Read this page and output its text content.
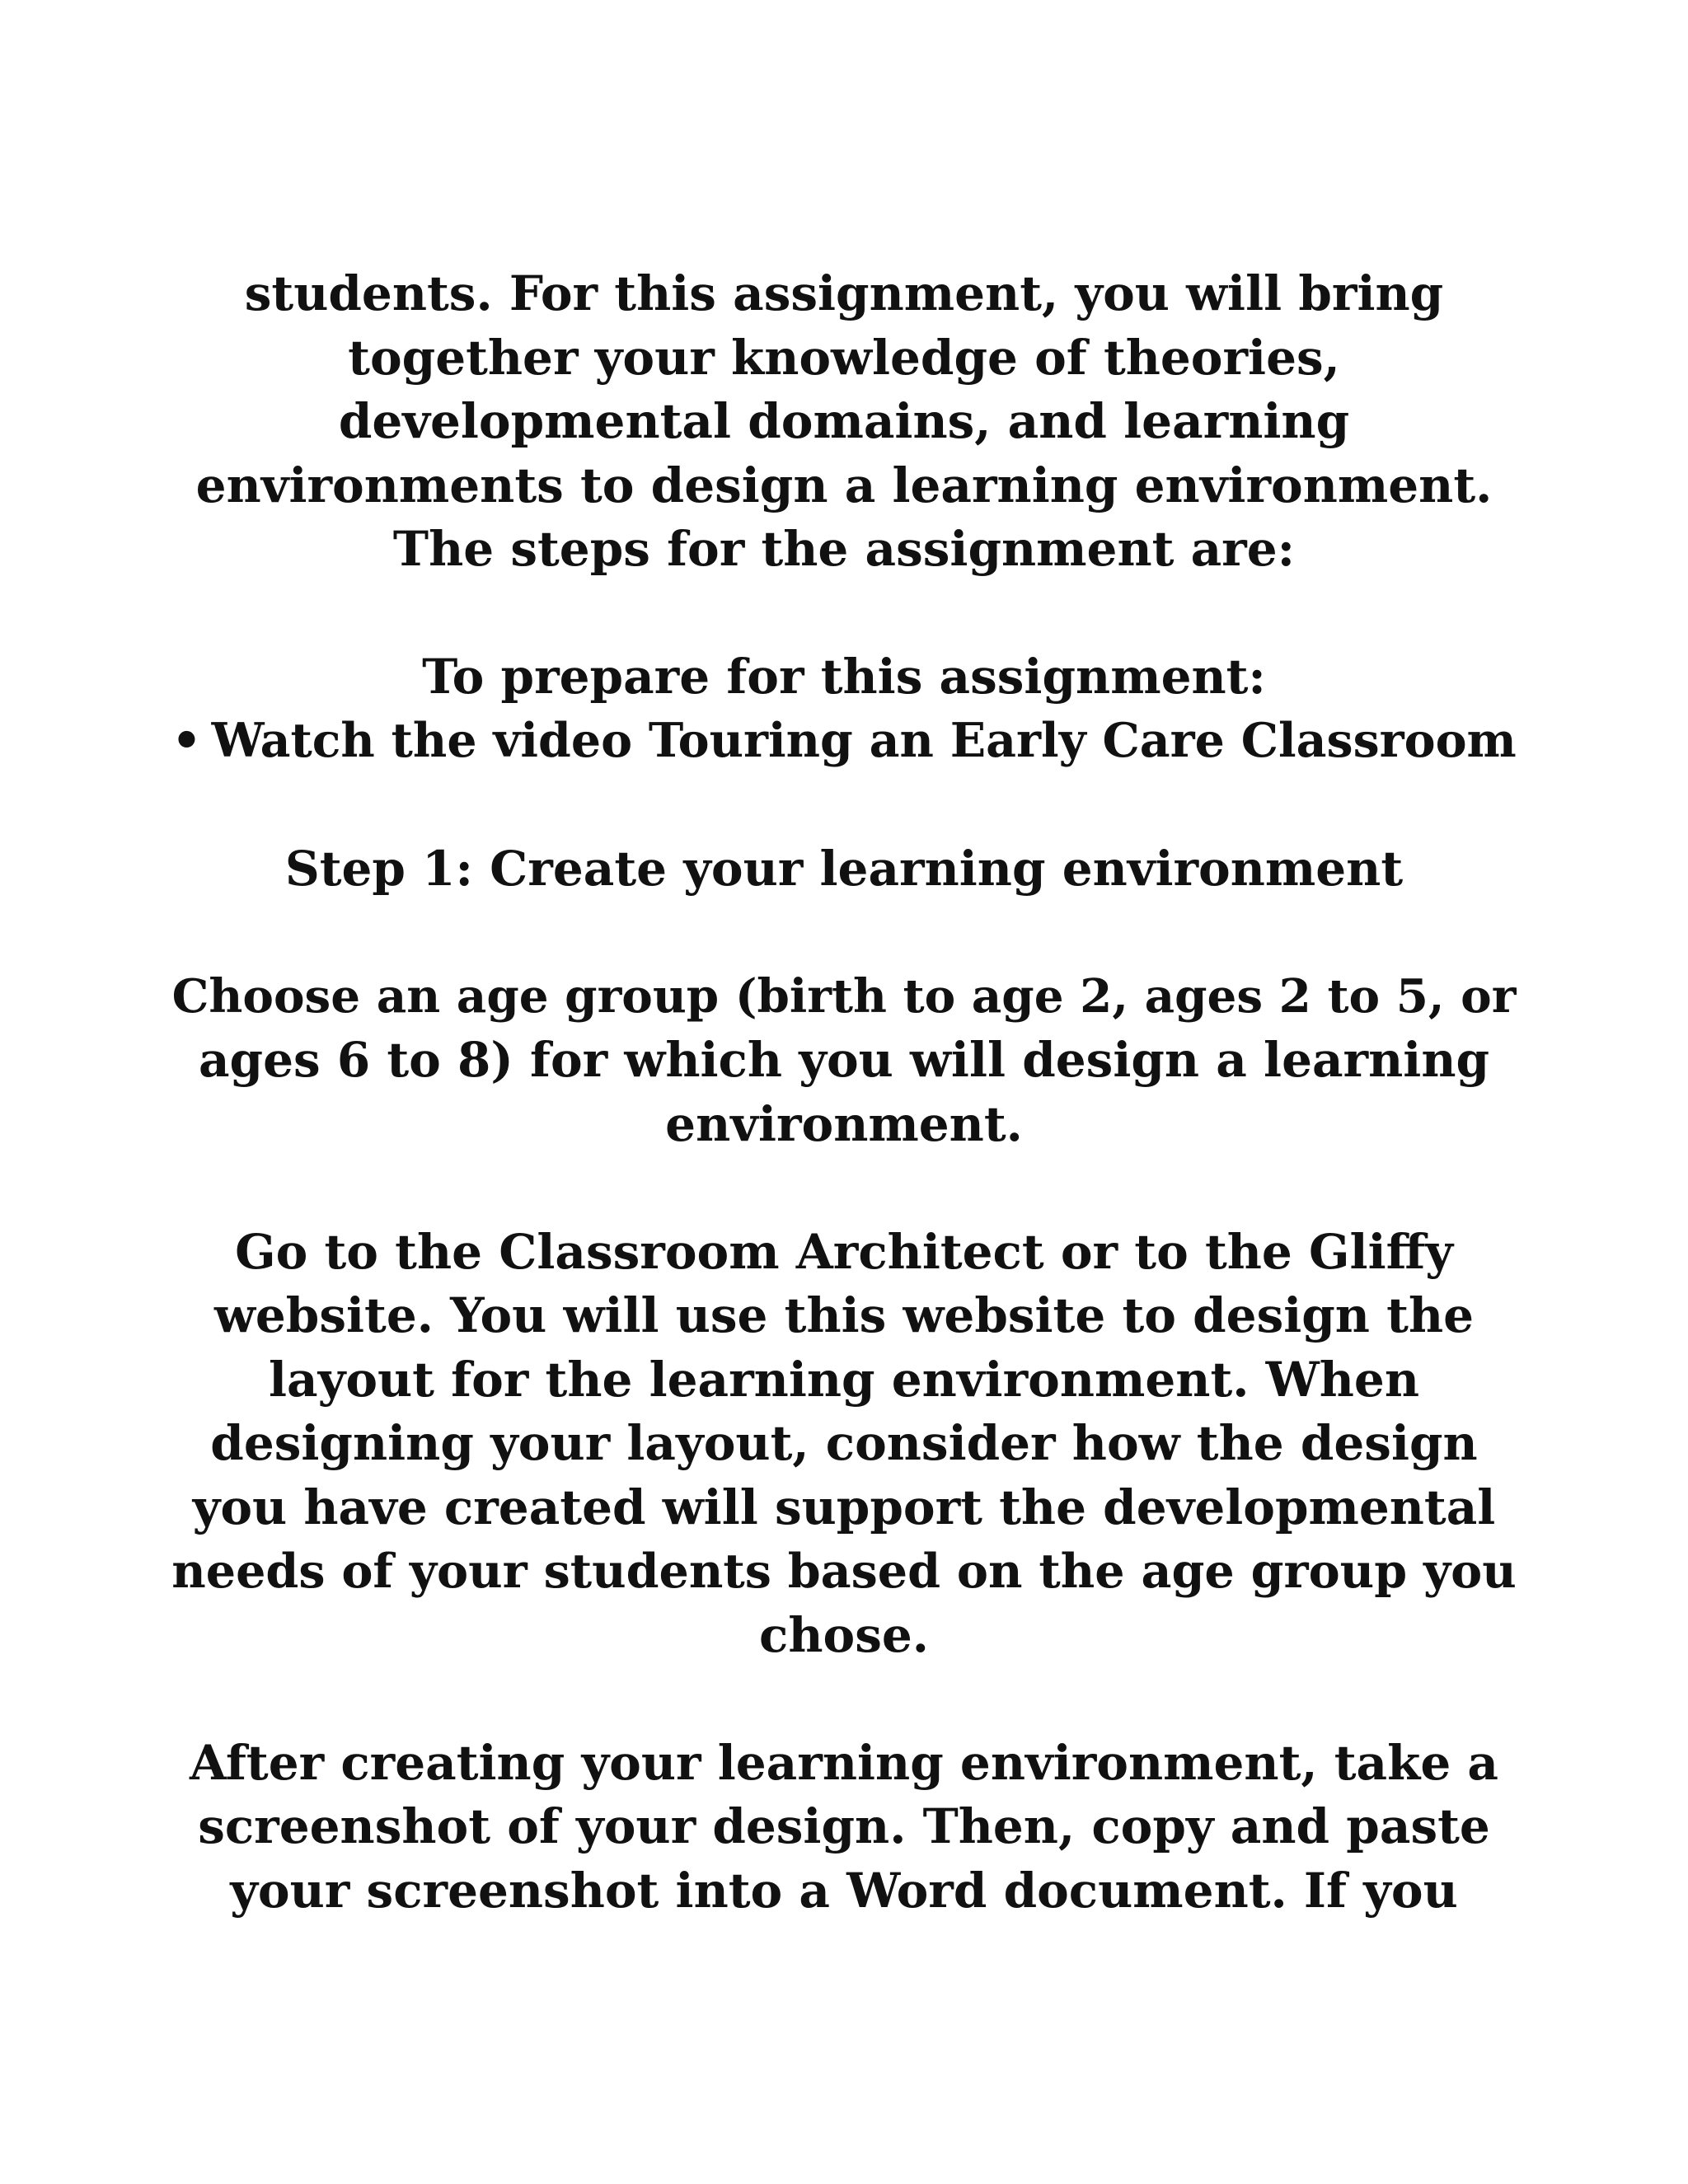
students. For this assignment, you will bring
together your knowledge of theories,
developmental domains, and learning
environments to design a learning environment.
The steps for the assignment are:

To prepare for this assignment:
• Watch the video Touring an Early Care Classroom

Step 1: Create your learning environment

Choose an age group (birth to age 2, ages 2 to 5, or
ages 6 to 8) for which you will design a learning
environment.

Go to the Classroom Architect or to the Gliffy
website. You will use this website to design the
layout for the learning environment. When
designing your layout, consider how the design
you have created will support the developmental
needs of your students based on the age group you
chose.

After creating your learning environment, take a
screenshot of your design. Then, copy and paste
your screenshot into a Word document. If you
